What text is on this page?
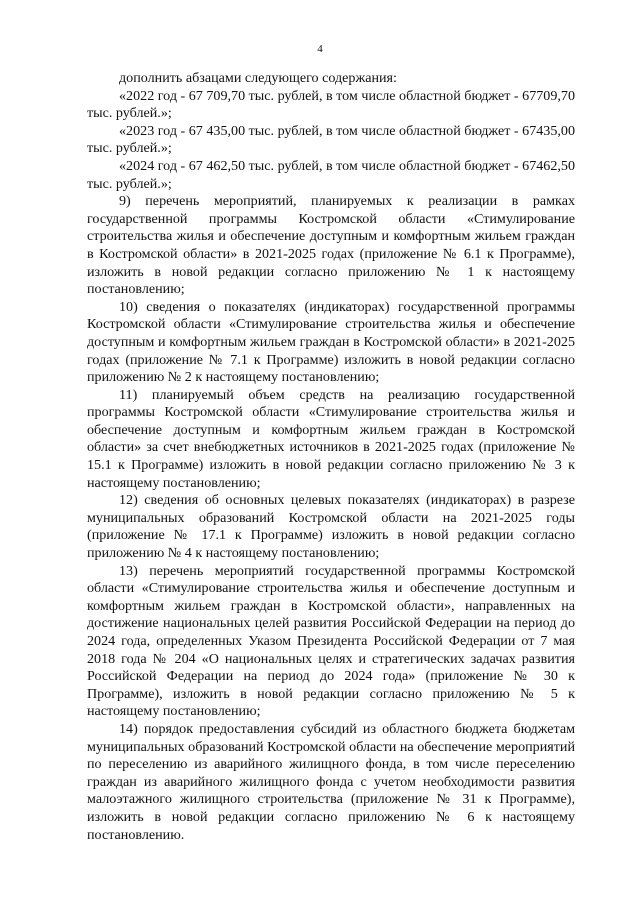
4

дополнить абзацами следующего содержания:

«2022 год - 67 709,70 тыс. рублей, в том числе областной бюджет - 67709,70 тыс. рублей.»;

«2023 год - 67 435,00 тыс. рублей, в том числе областной бюджет - 67435,00 тыс. рублей.»;

«2024 год - 67 462,50 тыс. рублей, в том числе областной бюджет - 67462,50 тыс. рублей.»;

9) перечень мероприятий, планируемых к реализации в рамках государственной программы Костромской области «Стимулирование строительства жилья и обеспечение доступным и комфортным жильем граждан в Костромской области» в 2021-2025 годах (приложение № 6.1 к Программе), изложить в новой редакции согласно приложению № 1 к настоящему постановлению;

10) сведения о показателях (индикаторах) государственной программы Костромской области «Стимулирование строительства жилья и обеспечение доступным и комфортным жильем граждан в Костромской области» в 2021-2025 годах (приложение № 7.1 к Программе) изложить в новой редакции согласно приложению № 2 к настоящему постановлению;

11) планируемый объем средств на реализацию государственной программы Костромской области «Стимулирование строительства жилья и обеспечение доступным и комфортным жильем граждан в Костромской области» за счет внебюджетных источников в 2021-2025 годах (приложение № 15.1 к Программе) изложить в новой редакции согласно приложению № 3 к настоящему постановлению;

12) сведения об основных целевых показателях (индикаторах) в разрезе муниципальных образований Костромской области на 2021-2025 годы (приложение № 17.1 к Программе) изложить в новой редакции согласно приложению № 4 к настоящему постановлению;

13) перечень мероприятий государственной программы Костромской области «Стимулирование строительства жилья и обеспечение доступным и комфортным жильем граждан в Костромской области», направленных на достижение национальных целей развития Российской Федерации на период до 2024 года, определенных Указом Президента Российской Федерации от 7 мая 2018 года № 204 «О национальных целях и стратегических задачах развития Российской Федерации на период до 2024 года» (приложение № 30 к Программе), изложить в новой редакции согласно приложению № 5 к настоящему постановлению;

14) порядок предоставления субсидий из областного бюджета бюджетам муниципальных образований Костромской области на обеспечение мероприятий по переселению из аварийного жилищного фонда, в том числе переселению граждан из аварийного жилищного фонда с учетом необходимости развития малоэтажного жилищного строительства (приложение № 31 к Программе), изложить в новой редакции согласно приложению № 6 к настоящему постановлению.
